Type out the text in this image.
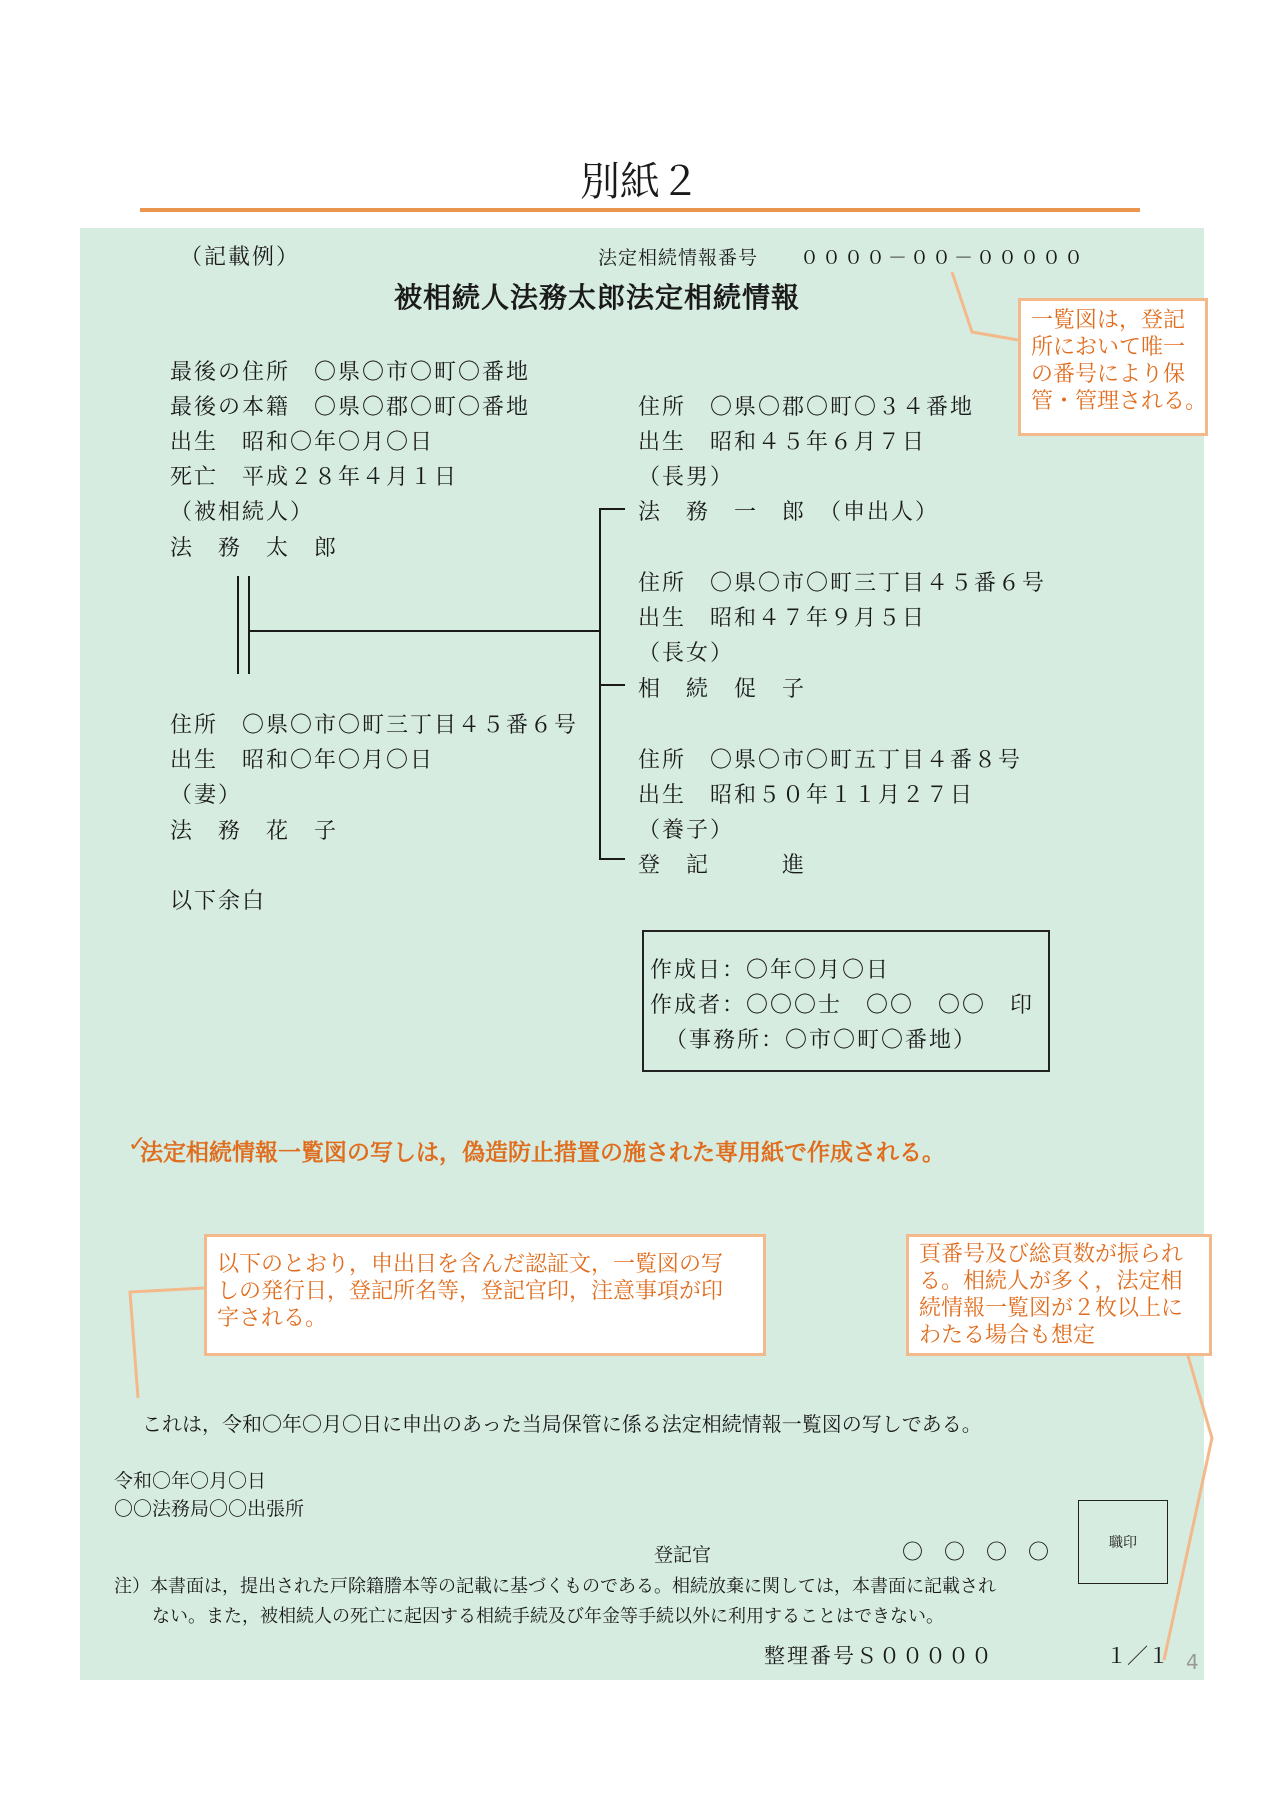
別紙２
（記載例）	法定相続情報番号 ００００－００－０００００
被相続人法務太郎法定相続情報
最後の住所　〇県〇市〇町〇番地
最後の本籍　〇県〇郡〇町〇番地
出生　昭和〇年〇月〇日
死亡　平成２８年４月１日
（被相続人）
法　務　太　郎
住所　〇県〇市〇町三丁目４５番６号
出生　昭和〇年〇月〇日
（妻）
法　務　花　子
以下余白
住所　〇県〇郡〇町〇３４番地
出生　昭和４５年６月７日
（長男）
法　務　一　郎　（申出人）
住所　〇県〇市〇町三丁目４５番６号
出生　昭和４７年９月５日
（長女）
相　続　促　子
住所　〇県〇市〇町五丁目４番８号
出生　昭和５０年１１月２７日
（養子）
登　記　　　進
作成日：〇年〇月〇日
作成者：〇〇〇士　〇〇　〇〇　印
（事務所：〇市〇町〇番地）
✓
法定相続情報一覧図の写しは，偽造防止措置の施された専用紙で作成される。
一覧図は，登記
所において唯一
の番号により保
管・管理される。
以下のとおり，申出日を含んだ認証文，一覧図の写
しの発行日，登記所名等，登記官印，注意事項が印
字される。
頁番号及び総頁数が振られ
る。相続人が多く，法定相
続情報一覧図が２枚以上に
わたる場合も想定
これは，令和〇年〇月〇日に申出のあった当局保管に係る法定相続情報一覧図の写しである。
令和〇年〇月〇日
〇〇法務局〇〇出張所
登記官	〇　〇　〇　〇	職印
注）本書面は，提出された戸除籍謄本等の記載に基づくものである。相続放棄に関しては，本書面に記載され
ない。また，被相続人の死亡に起因する相続手続及び年金等手続以外に利用することはできない。
整理番号Ｓ０００００	１／１ 4
